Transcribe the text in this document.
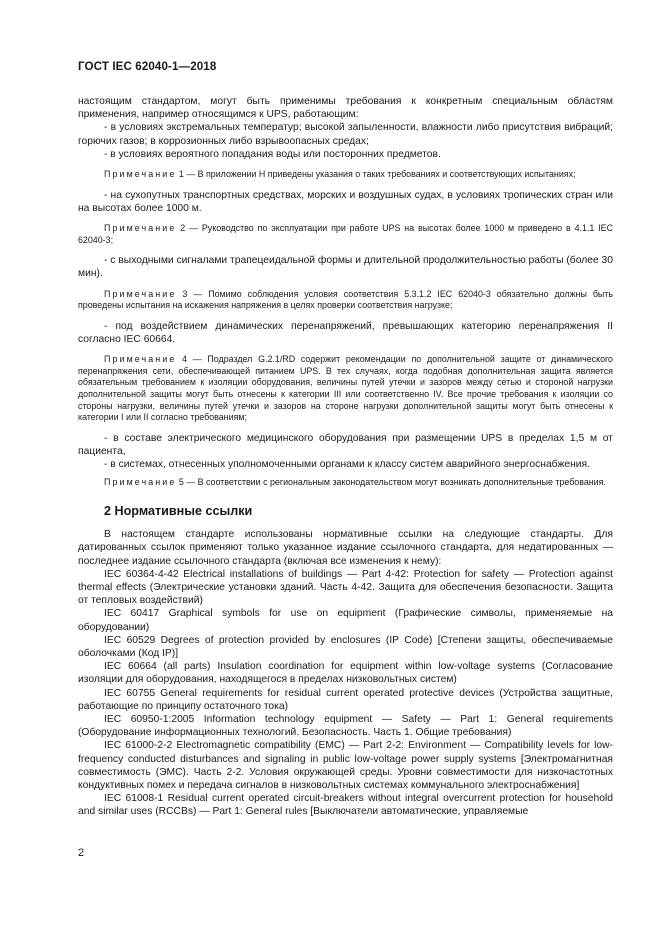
ГОСТ IEC 62040-1—2018

настоящим стандартом, могут быть применимы требования к конкретным специальным областям применения, например относящимся к UPS, работающим:

- в условиях экстремальных температур; высокой запыленности, влажности либо присутствия вибраций; горючих газов; в коррозионных либо взрывоопасных средах;

- в условиях вероятного попадания воды или посторонних предметов.

Примечание 1 — В приложении H приведены указания о таких требованиях и соответствующих испытаниях;

- на сухопутных транспортных средствах, морских и воздушных судах, в условиях тропических стран или на высотах более 1000 м.

Примечание 2 — Руководство по эксплуатации при работе UPS на высотах более 1000 м приведено в 4.1.1 IEC 62040-3;

- с выходными сигналами трапецеидальной формы и длительной продолжительностью работы (более 30 мин).

Примечание 3 — Помимо соблюдения условия соответствия 5.3.1.2 IEC 62040-3 обязательно должны быть проведены испытания на искажения напряжения в целях проверки соответствия нагрузке;

- под воздействием динамических перенапряжений, превышающих категорию перенапряжения II согласно IEC 60664.

Примечание 4 — Подраздел G.2.1/RD содержит рекомендации по дополнительной защите от динамического перенапряжения сети, обеспечивающей питанием UPS. В тех случаях, когда подобная дополнительная защита является обязательным требованием к изоляции оборудования, величины путей утечки и зазоров между сетью и стороной нагрузки дополнительной защиты могут быть отнесены к категории III или соответственно IV. Все прочие требования к изоляции со стороны нагрузки, величины путей утечки и зазоров на стороне нагрузки дополнительной защиты могут быть отнесены к категории I или II согласно требованиям;

- в составе электрического медицинского оборудования при размещении UPS в пределах 1,5 м от пациента,

- в системах, отнесенных уполномоченными органами к классу систем аварийного энергоснабжения.

Примечание 5 — В соответствии с региональным законодательством могут возникать дополнительные требования.

2 Нормативные ссылки

В настоящем стандарте использованы нормативные ссылки на следующие стандарты. Для датированных ссылок применяют только указанное издание ссылочного стандарта, для недатированных — последнее издание ссылочного стандарта (включая все изменения к нему):

IEC 60364-4-42 Electrical installations of buildings — Part 4-42: Protection for safety — Protection against thermal effects (Электрические установки зданий. Часть 4-42. Защита для обеспечения безопасности. Защита от тепловых воздействий)

IEC 60417 Graphical symbols for use on equipment (Графические символы, применяемые на оборудовании)

IEC 60529 Degrees of protection provided by enclosures (IP Code) [Степени защиты, обеспечиваемые оболочками (Код IP)]

IEC 60664 (all parts) Insulation coordination for equipment within low-voltage systems (Согласование изоляции для оборудования, находящегося в пределах низковольтных систем)

IEC 60755 General requirements for residual current operated protective devices (Устройства защитные, работающие по принципу остаточного тока)

IEC 60950-1:2005 Information technology equipment — Safety — Part 1: General requirements (Оборудование информационных технологий. Безопасность. Часть 1. Общие требования)

IEC 61000-2-2 Electromagnetic compatibility (EMC) — Part 2-2: Environment — Compatibility levels for low-frequency conducted disturbances and signaling in public low-voltage power supply systems [Электромагнитная совместимость (ЭМС). Часть 2-2. Условия окружающей среды. Уровни совместимости для низкочастотных кондуктивных помех и передача сигналов в низковольтных системах коммунального электроснабжения]

IEC 61008-1 Residual current operated circuit-breakers without integral overcurrent protection for household and similar uses (RCCBs) — Part 1: General rules [Выключатели автоматические, управляемые

2
